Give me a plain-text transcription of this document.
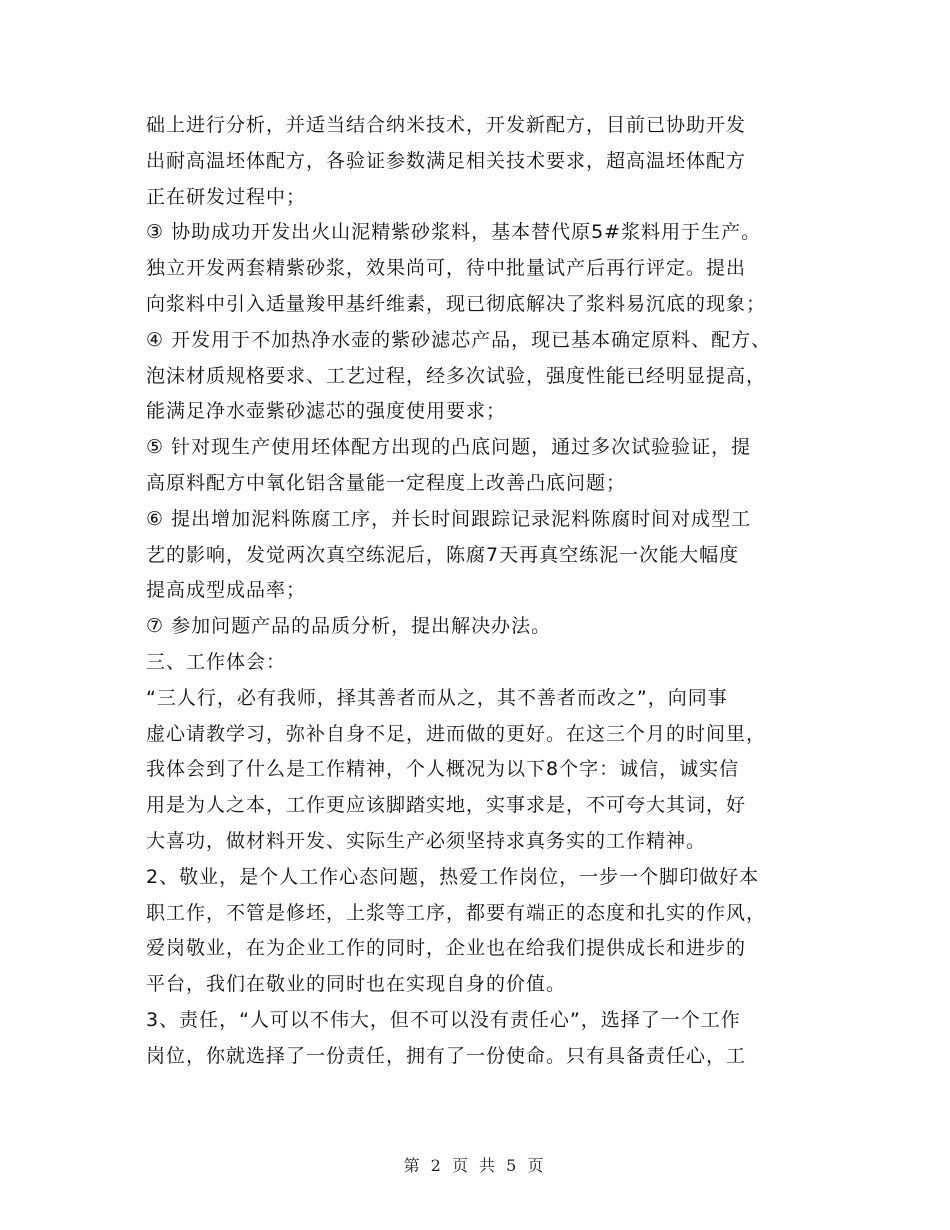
础上进行分析，并适当结合纳米技术，开发新配方，目前已协助开发
出耐高温坯体配方，各验证参数满足相关技术要求，超高温坯体配方
正在研发过程中；
③ 协助成功开发出火山泥精紫砂浆料，基本替代原5#浆料用于生产。
独立开发两套精紫砂浆，效果尚可，待中批量试产后再行评定。提出
向浆料中引入适量羧甲基纤维素，现已彻底解决了浆料易沉底的现象；
④ 开发用于不加热净水壶的紫砂滤芯产品，现已基本确定原料、配方、
泡沫材质规格要求、工艺过程，经多次试验，强度性能已经明显提高，
能满足净水壶紫砂滤芯的强度使用要求；
⑤ 针对现生产使用坯体配方出现的凸底问题，通过多次试验验证，提
高原料配方中氧化铝含量能一定程度上改善凸底问题；
⑥ 提出增加泥料陈腐工序，并长时间跟踪记录泥料陈腐时间对成型工
艺的影响，发觉两次真空练泥后，陈腐7天再真空练泥一次能大幅度
提高成型成品率；
⑦ 参加问题产品的品质分析，提出解决办法。
三、工作体会：
“三人行，必有我师，择其善者而从之，其不善者而改之”，向同事
虚心请教学习，弥补自身不足，进而做的更好。在这三个月的时间里，
我体会到了什么是工作精神，个人概况为以下8个字：诚信，诚实信
用是为人之本，工作更应该脚踏实地，实事求是，不可夸大其词，好
大喜功，做材料开发、实际生产必须坚持求真务实的工作精神。
2、敬业，是个人工作心态问题，热爱工作岗位，一步一个脚印做好本
职工作，不管是修坯，上浆等工序，都要有端正的态度和扎实的作风，
爱岗敬业，在为企业工作的同时，企业也在给我们提供成长和进步的
平台，我们在敬业的同时也在实现自身的价值。
3、责任，“人可以不伟大，但不可以没有责任心”，选择了一个工作
岗位，你就选择了一份责任，拥有了一份使命。只有具备责任心，工
第 2 页 共 5 页
